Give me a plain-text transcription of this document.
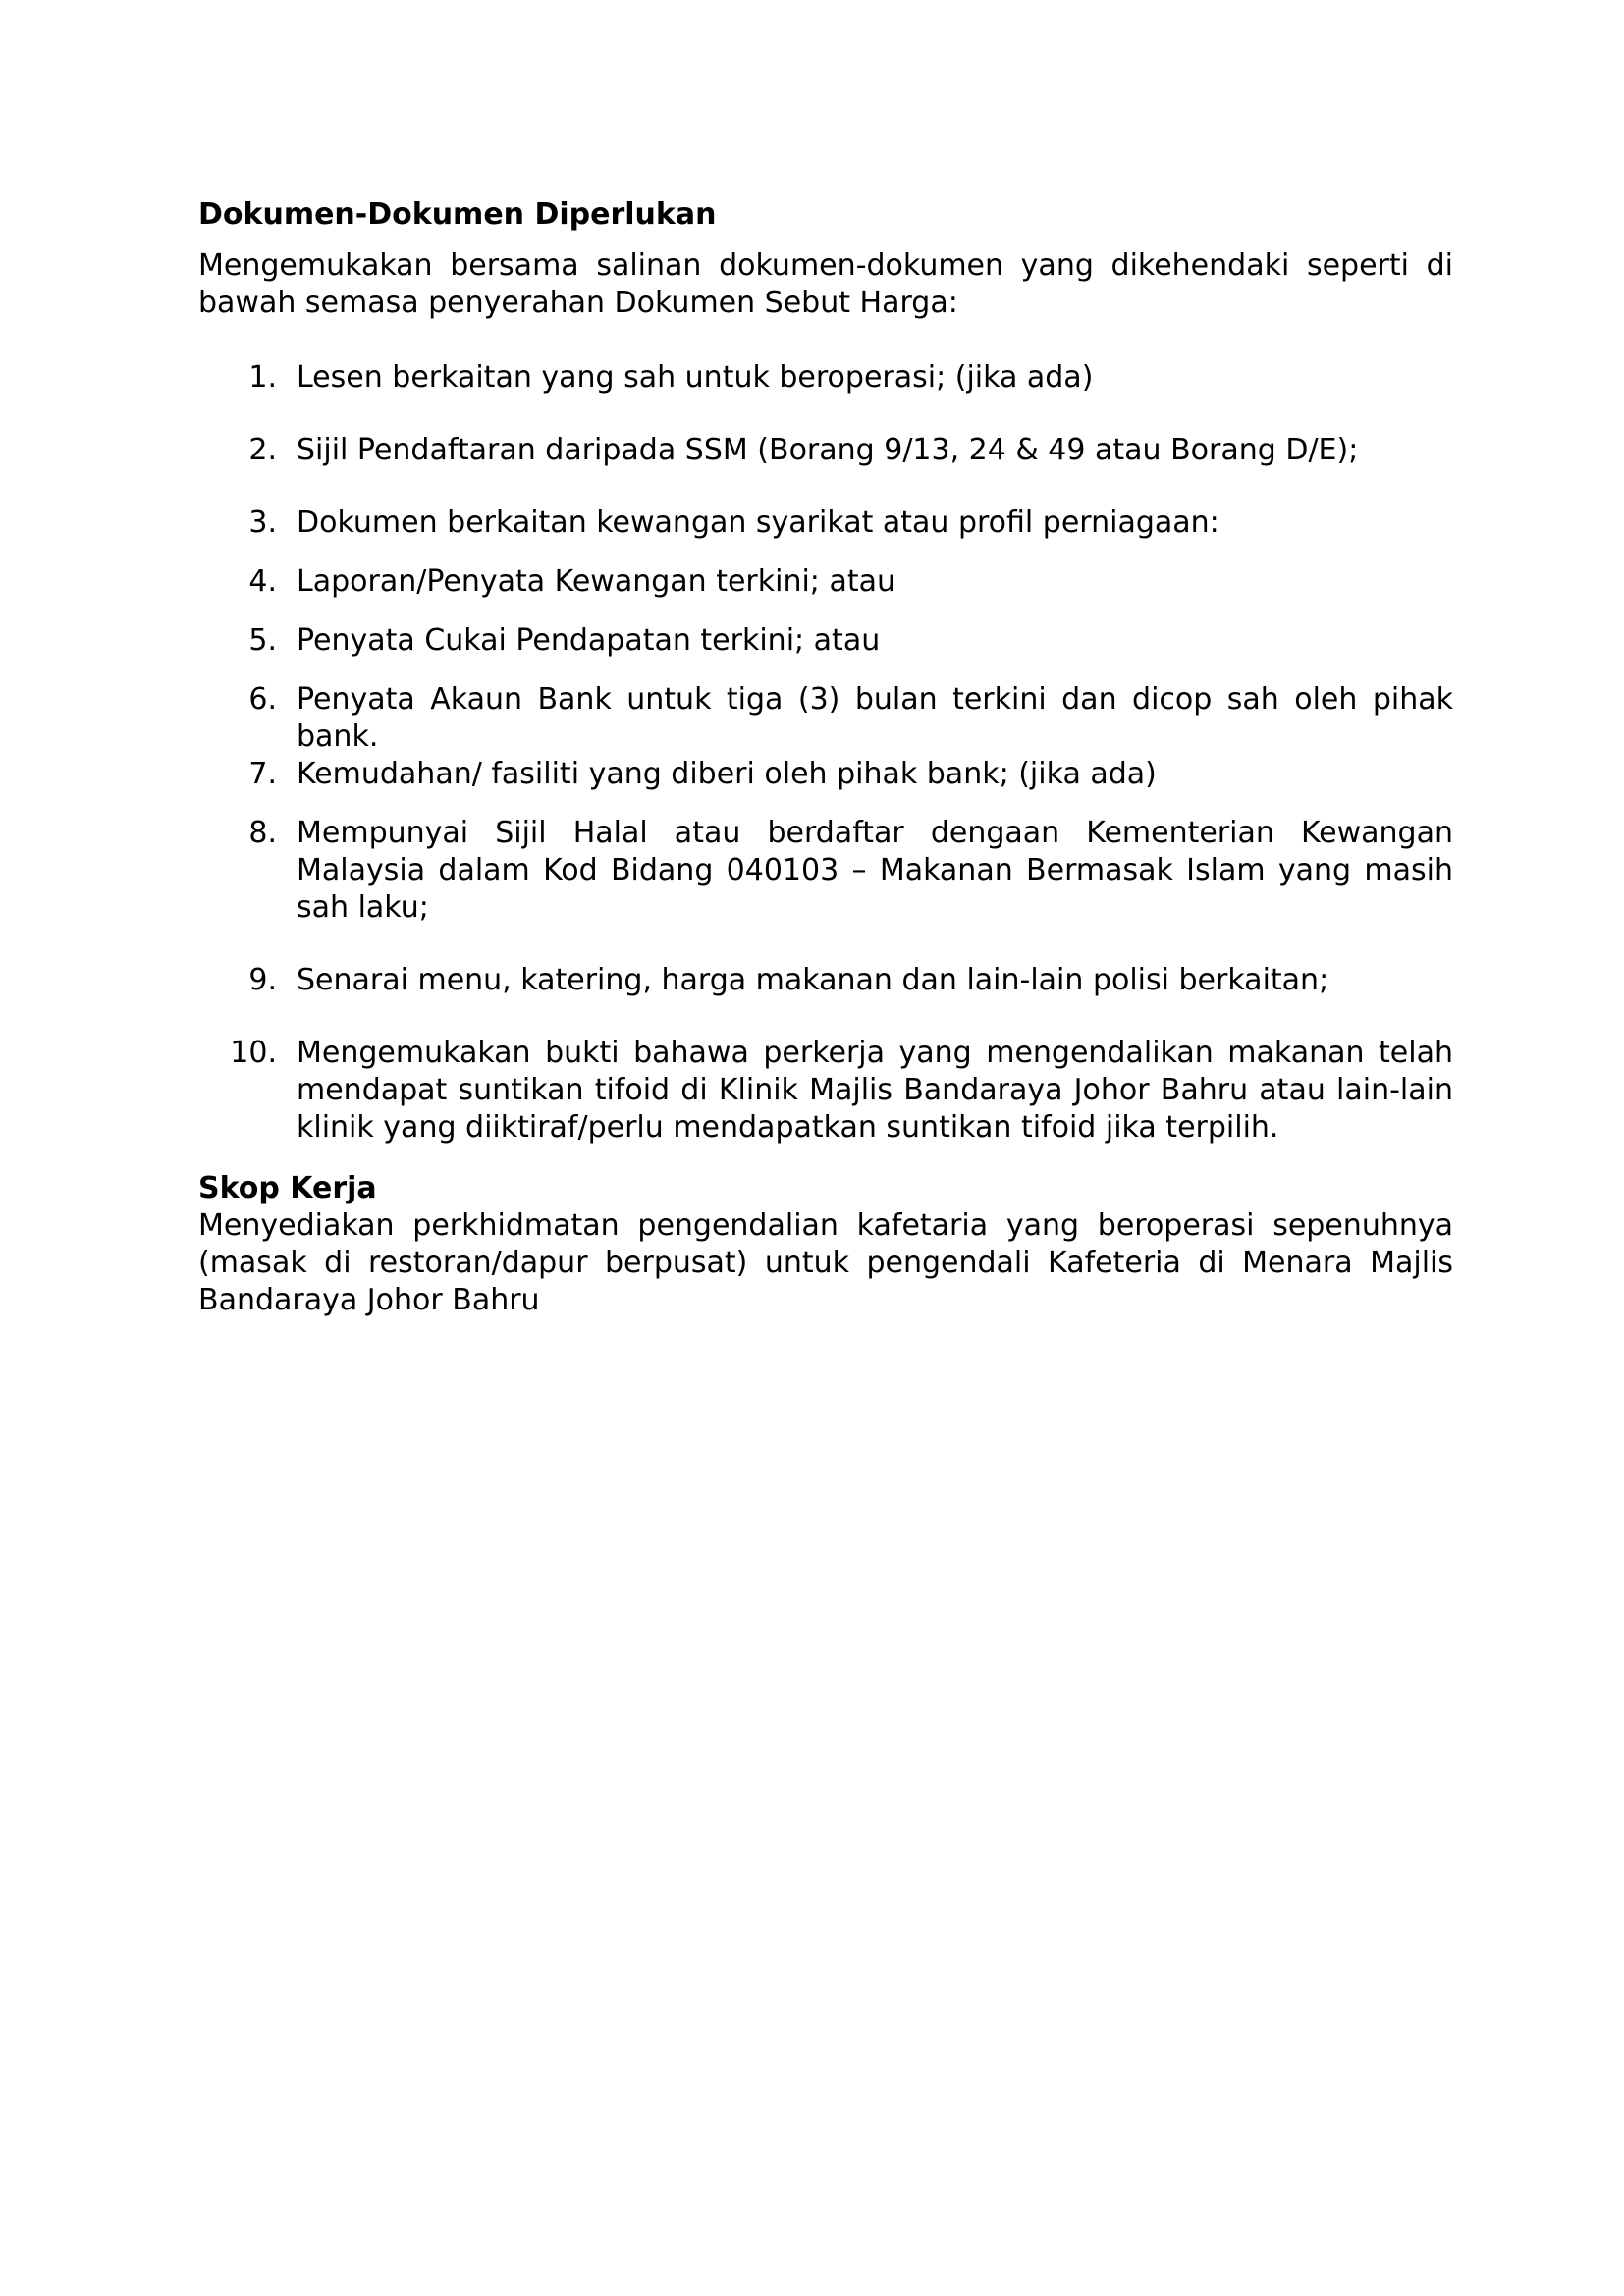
Dokumen-Dokumen Diperlukan

Mengemukakan bersama salinan dokumen-dokumen yang dikehendaki seperti di bawah semasa penyerahan Dokumen Sebut Harga:

1. Lesen berkaitan yang sah untuk beroperasi; (jika ada)
2. Sijil Pendaftaran daripada SSM (Borang 9/13, 24 & 49 atau Borang D/E);
3. Dokumen berkaitan kewangan syarikat atau profil perniagaan:
4. Laporan/Penyata Kewangan terkini; atau
5. Penyata Cukai Pendapatan terkini; atau
6. Penyata Akaun Bank untuk tiga (3) bulan terkini dan dicop sah oleh pihak bank.
7. Kemudahan/ fasiliti yang diberi oleh pihak bank; (jika ada)
8. Mempunyai Sijil Halal atau berdaftar dengaan Kementerian Kewangan Malaysia dalam Kod Bidang 040103 – Makanan Bermasak Islam yang masih sah laku;
9. Senarai menu, katering, harga makanan dan lain-lain polisi berkaitan;
10. Mengemukakan bukti bahawa perkerja yang mengendalikan makanan telah mendapat suntikan tifoid di Klinik Majlis Bandaraya Johor Bahru atau lain-lain klinik yang diiktiraf/perlu mendapatkan suntikan tifoid jika terpilih.
Skop Kerja

Menyediakan perkhidmatan pengendalian kafetaria yang beroperasi sepenuhnya (masak di restoran/dapur berpusat) untuk pengendali Kafeteria di Menara Majlis Bandaraya Johor Bahru
